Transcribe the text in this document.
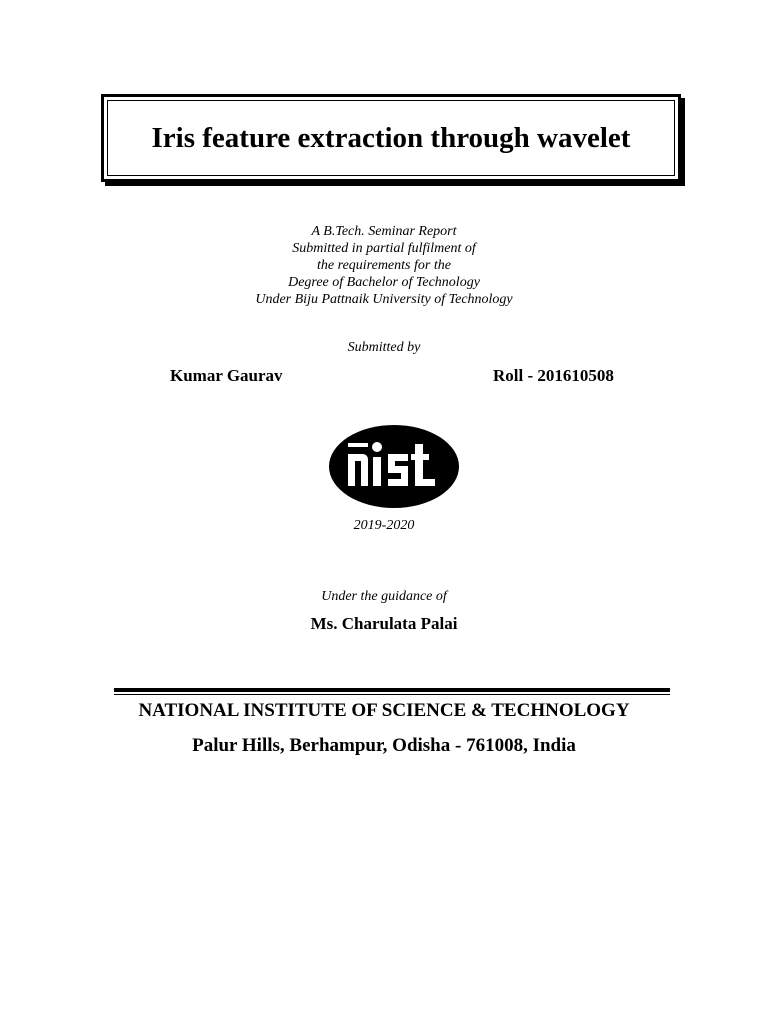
Iris feature extraction through wavelet
A B.Tech. Seminar Report
Submitted in partial fulfilment of
the requirements for the
Degree of Bachelor of Technology
Under Biju Pattnaik University of Technology
Submitted by
Kumar Gaurav	Roll - 201610508
2019-2020
Under the guidance of
Ms. Charulata Palai
NATIONAL INSTITUTE OF SCIENCE & TECHNOLOGY
Palur Hills, Berhampur, Odisha - 761008, India
